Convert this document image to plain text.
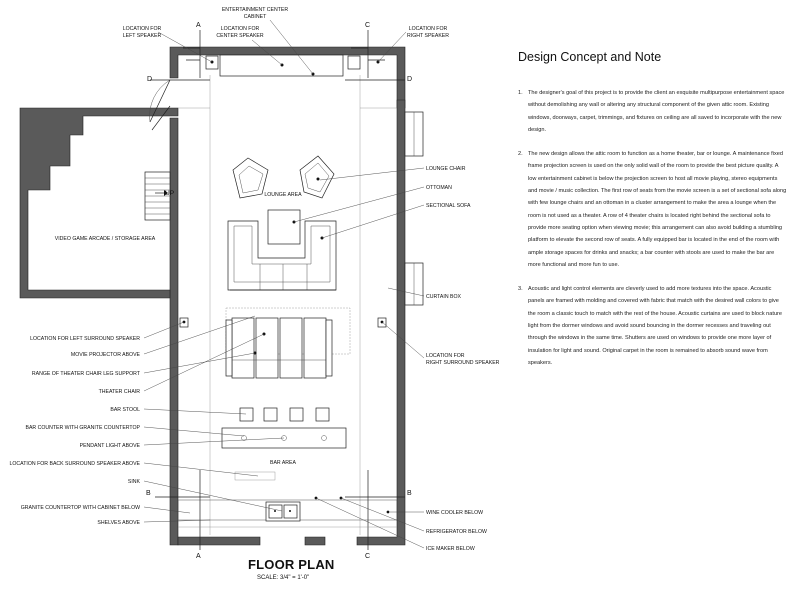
UP
A
A
C
C
D	D
B	B
ENTERTAINMENT CENTER
CABINET
LOCATION FOR
LEFT SPEAKER
LOCATION FOR
CENTER SPEAKER
LOCATION FOR
RIGHT SPEAKER
LOUNGE AREA
VIDEO GAME ARCADE / STORAGE AREA
BAR AREA
LOUNGE CHAIR
OTTOMAN
SECTIONAL SOFA
CURTAIN BOX
LOCATION FOR
RIGHT SURROUND SPEAKER
WINE COOLER BELOW
REFRIGERATOR BELOW
ICE MAKER BELOW
LOCATION FOR LEFT SURROUND SPEAKER
MOVIE PROJECTOR ABOVE
RANGE OF THEATER CHAIR LEG SUPPORT
THEATER CHAIR
BAR STOOL
BAR COUNTER WITH GRANITE COUNTERTOP
PENDANT LIGHT ABOVE
LOCATION FOR BACK SURROUND SPEAKER ABOVE
SINK
GRANITE COUNTERTOP WITH CABINET BELOW
SHELVES ABOVE
Design Concept and Note
1. The designer's goal of this project is to provide the client an exquisite multipurpose entertainment space without demolishing any wall or altering any structural component of the given attic room. Existing windows, doorways, carpet, trimmings, and fixtures on ceiling are all saved to incorporate with the new design.
2. The new design allows the attic room to function as a home theater, bar or lounge. A maintenance fixed frame projection screen is used on the only solid wall of the room to provide the best picture quality. A low entertainment cabinet is below the projection screen to host all movie playing, stereo equipments and movie / music collection. The first row of seats from the movie screen is a set of sectional sofa along with few lounge chairs and an ottoman in a cluster arrangement to make the area a lounge when the room is not used as a theater. A row of 4 theater chairs is located right behind the sectional sofa to provide more seating option when viewing movie; this arrangement can also avoid building a stumbling platform to elevate the second row of seats. A fully equipped bar is located in the end of the room with ample storage spaces for drinks and snacks; a bar counter with stools are used to make the bar are more functional and more fun to use.
3. Acoustic and light control elements are cleverly used to add more textures into the space. Acoustic panels are framed with molding and covered with fabric that match with the desired wall colors to give the room a classic touch to match with the rest of the house. Acoustic curtains are used to block nature light from the dormer windows and avoid sound bouncing in the dormer recesses and traveling out through the windows in the same time. Shutters are used on windows to provide one more layer of insulation for light and sound. Original carpet in the room is remained to absorb sound wave from speakers.
FLOOR PLAN
SCALE: 3/4" = 1'-0"
